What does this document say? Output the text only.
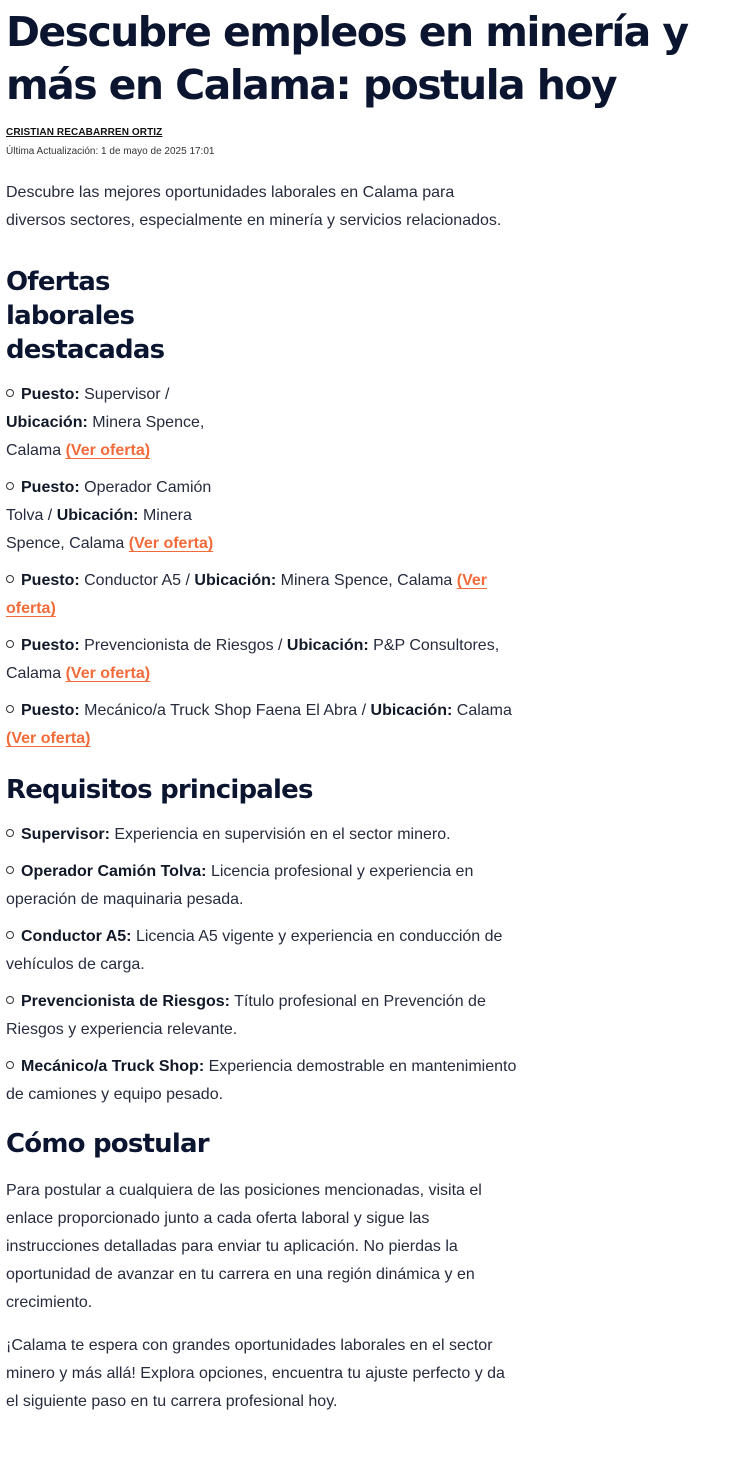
Descubre empleos en minería y más en Calama: postula hoy
CRISTIAN RECABARREN ORTIZ
Última Actualización: 1 de mayo de 2025 17:01

Descubre las mejores oportunidades laborales en Calama para diversos sectores, especialmente en minería y servicios relacionados.

Ofertas laborales destacadas
Puesto: Supervisor / Ubicación: Minera Spence, Calama (Ver oferta)
Puesto: Operador Camión Tolva / Ubicación: Minera Spence, Calama (Ver oferta)
Puesto: Conductor A5 / Ubicación: Minera Spence, Calama (Ver oferta)
Puesto: Prevencionista de Riesgos / Ubicación: P&P Consultores, Calama (Ver oferta)
Puesto: Mecánico/a Truck Shop Faena El Abra / Ubicación: Calama (Ver oferta)
Requisitos principales
Supervisor: Experiencia en supervisión en el sector minero.
Operador Camión Tolva: Licencia profesional y experiencia en operación de maquinaria pesada.
Conductor A5: Licencia A5 vigente y experiencia en conducción de vehículos de carga.
Prevencionista de Riesgos: Título profesional en Prevención de Riesgos y experiencia relevante.
Mecánico/a Truck Shop: Experiencia demostrable en mantenimiento de camiones y equipo pesado.
Cómo postular

Para postular a cualquiera de las posiciones mencionadas, visita el enlace proporcionado junto a cada oferta laboral y sigue las instrucciones detalladas para enviar tu aplicación. No pierdas la oportunidad de avanzar en tu carrera en una región dinámica y en crecimiento.

¡Calama te espera con grandes oportunidades laborales en el sector minero y más allá! Explora opciones, encuentra tu ajuste perfecto y da el siguiente paso en tu carrera profesional hoy.
